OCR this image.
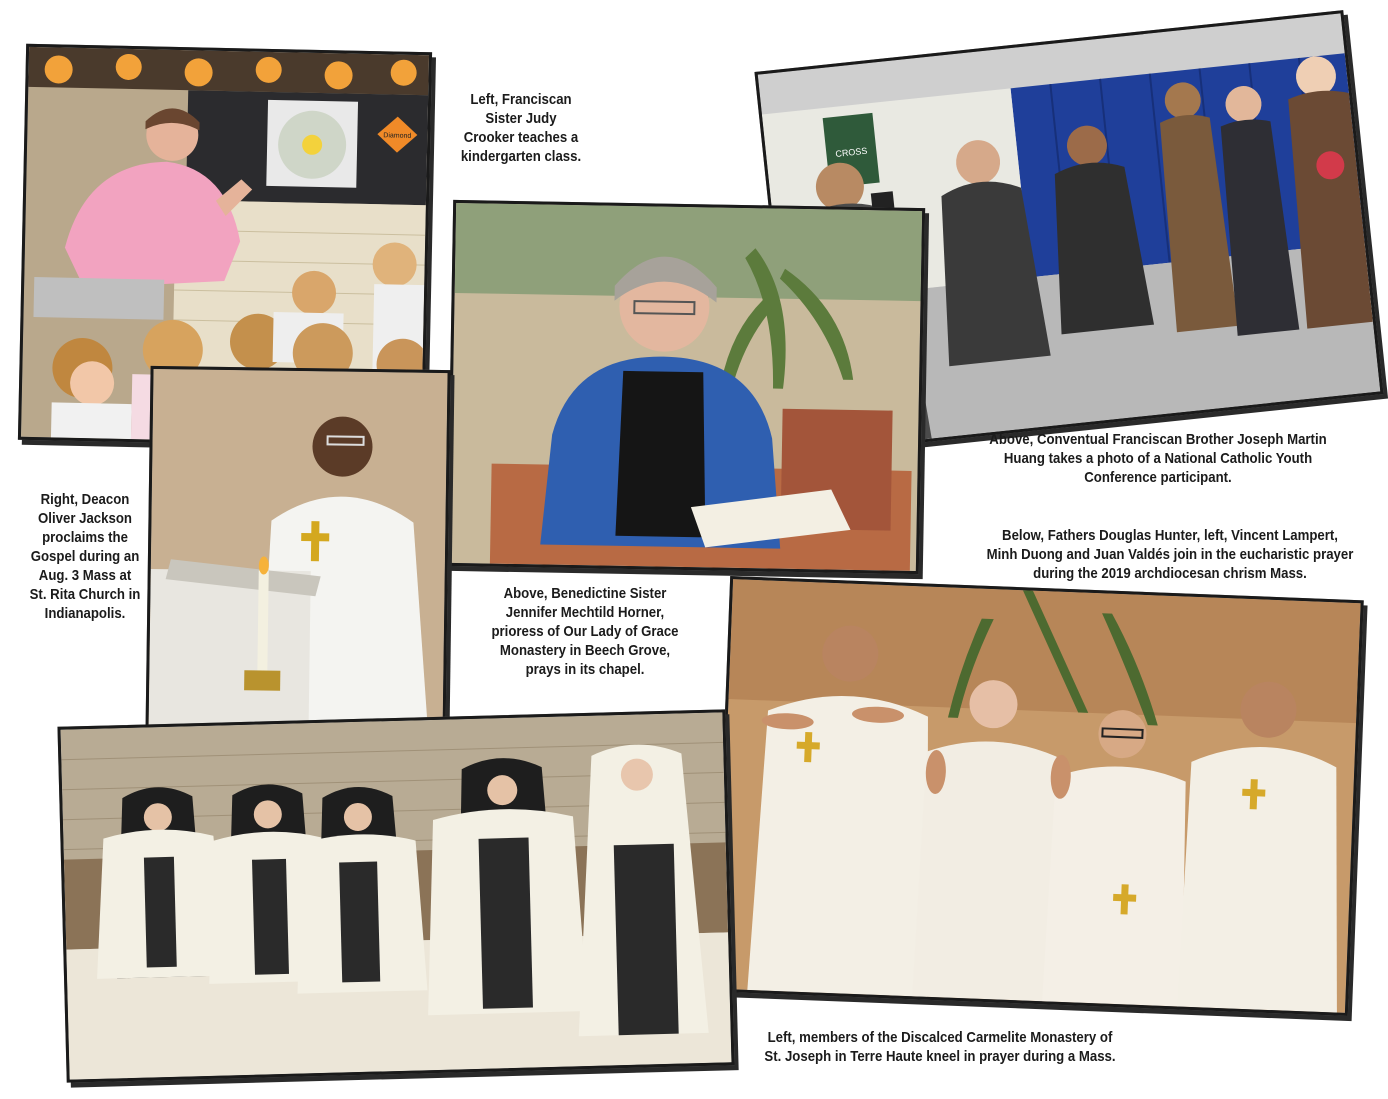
Diamond

Left, Franciscan

Sister Judy

Crooker teaches a

kindergarten class.	CROSS

Above, Conventual Franciscan Brother Joseph Martin

Huang takes a photo of a National Catholic Youth

Conference participant.

Below, Fathers Douglas Hunter, left, Vincent Lampert,

Minh Duong and Juan Valdés join in the eucharistic prayer

during the 2019 archdiocesan chrism Mass.

Right, Deacon

Oliver Jackson

proclaims the

Gospel during an

Aug. 3 Mass at

St. Rita Church in

Indianapolis.

Above, Benedictine Sister

Jennifer Mechtild Horner,

prioress of Our Lady of Grace

Monastery in Beech Grove,

prays in its chapel.

Left, members of the Discalced Carmelite Monastery of

St. Joseph in Terre Haute kneel in prayer during a Mass.
